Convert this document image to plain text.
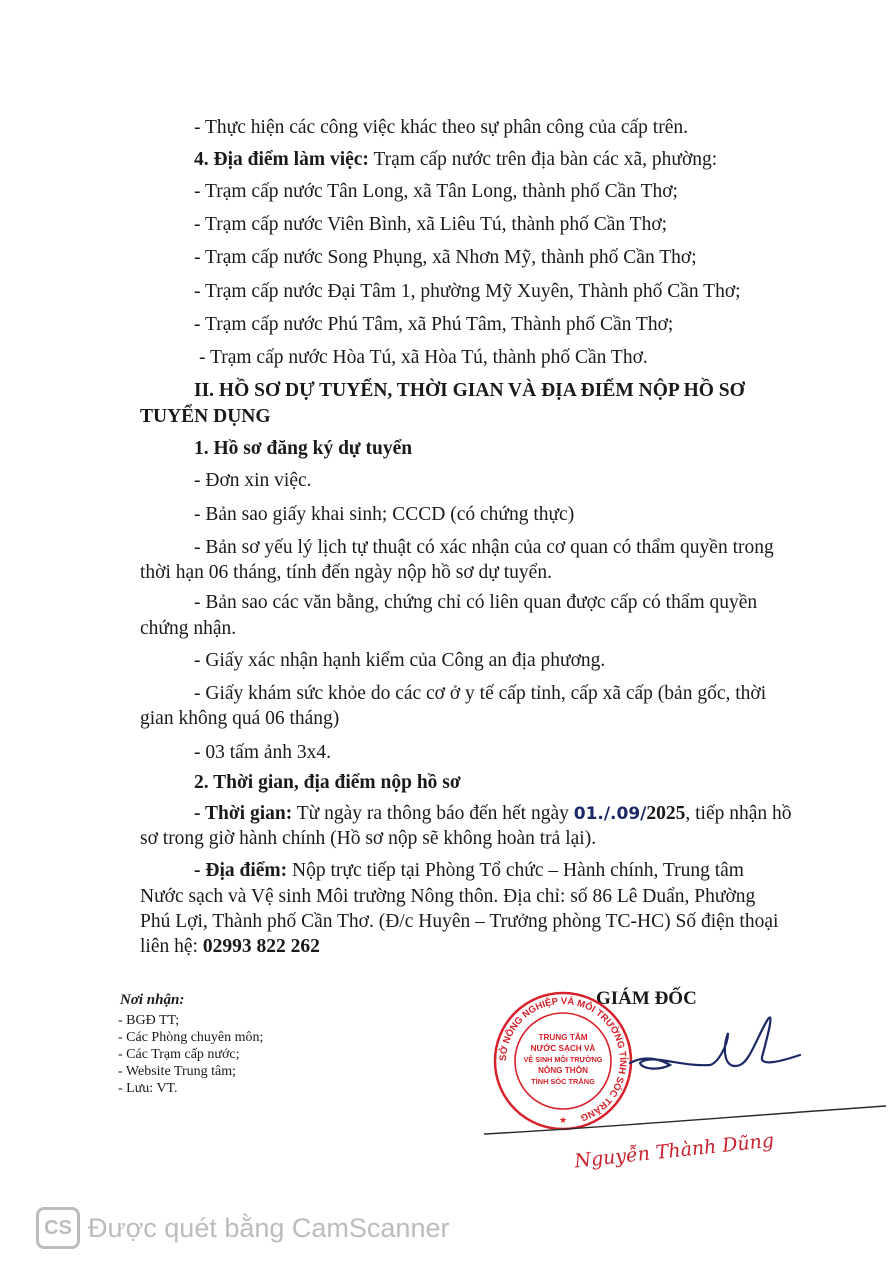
- Thực hiện các công việc khác theo sự phân công của cấp trên.
4. Địa điểm làm việc: Trạm cấp nước trên địa bàn các xã, phường:
- Trạm cấp nước Tân Long, xã Tân Long, thành phố Cần Thơ;
- Trạm cấp nước Viên Bình, xã Liêu Tú, thành phố Cần Thơ;
- Trạm cấp nước Song Phụng, xã Nhơn Mỹ, thành phố Cần Thơ;
- Trạm cấp nước Đại Tâm 1, phường Mỹ Xuyên, Thành phố Cần Thơ;
- Trạm cấp nước Phú Tâm, xã Phú Tâm, Thành phố Cần Thơ;
- Trạm cấp nước Hòa Tú, xã Hòa Tú, thành phố Cần Thơ.
II. HỒ SƠ DỰ TUYỂN, THỜI GIAN VÀ ĐỊA ĐIỂM NỘP HỒ SƠ
TUYỂN DỤNG
1. Hồ sơ đăng ký dự tuyển
- Đơn xin việc.
- Bản sao giấy khai sinh; CCCD (có chứng thực)
- Bản sơ yếu lý lịch tự thuật có xác nhận của cơ quan có thẩm quyền trong
thời hạn 06 tháng, tính đến ngày nộp hồ sơ dự tuyển.
- Bản sao các văn bằng, chứng chỉ có liên quan được cấp có thẩm quyền
chứng nhận.
- Giấy xác nhận hạnh kiểm của Công an địa phương.
- Giấy khám sức khỏe do các cơ ở y tế cấp tỉnh, cấp xã cấp (bản gốc, thời
gian không quá 06 tháng)
- 03 tấm ảnh 3x4.
2. Thời gian, địa điểm nộp hồ sơ
- Thời gian: Từ ngày ra thông báo đến hết ngày 01./.09/2025, tiếp nhận hồ
sơ trong giờ hành chính (Hồ sơ nộp sẽ không hoàn trả lại).
- Địa điểm: Nộp trực tiếp tại Phòng Tổ chức – Hành chính, Trung tâm
Nước sạch và Vệ sinh Môi trường Nông thôn. Địa chỉ: số 86 Lê Duẩn, Phường
Phú Lợi, Thành phố Cần Thơ. (Đ/c Huyên – Trưởng phòng TC-HC) Số điện thoại
liên hệ: 02993 822 262
Nơi nhận:
- BGĐ TT;
- Các Phòng chuyên môn;
- Các Trạm cấp nước;
- Website Trung tâm;
- Lưu: VT.
GIÁM ĐỐC
SỞ NÔNG NGHIỆP VÀ MÔI TRƯỜNG TỈNH SÓC TRĂNG
TRUNG TÂM
NƯỚC SẠCH VÀ
VỆ SINH MÔI TRƯỜNG
NÔNG THÔN
TỈNH SÓC TRĂNG
★
Nguyễn Thành Dũng
CS Được quét bằng CamScanner
